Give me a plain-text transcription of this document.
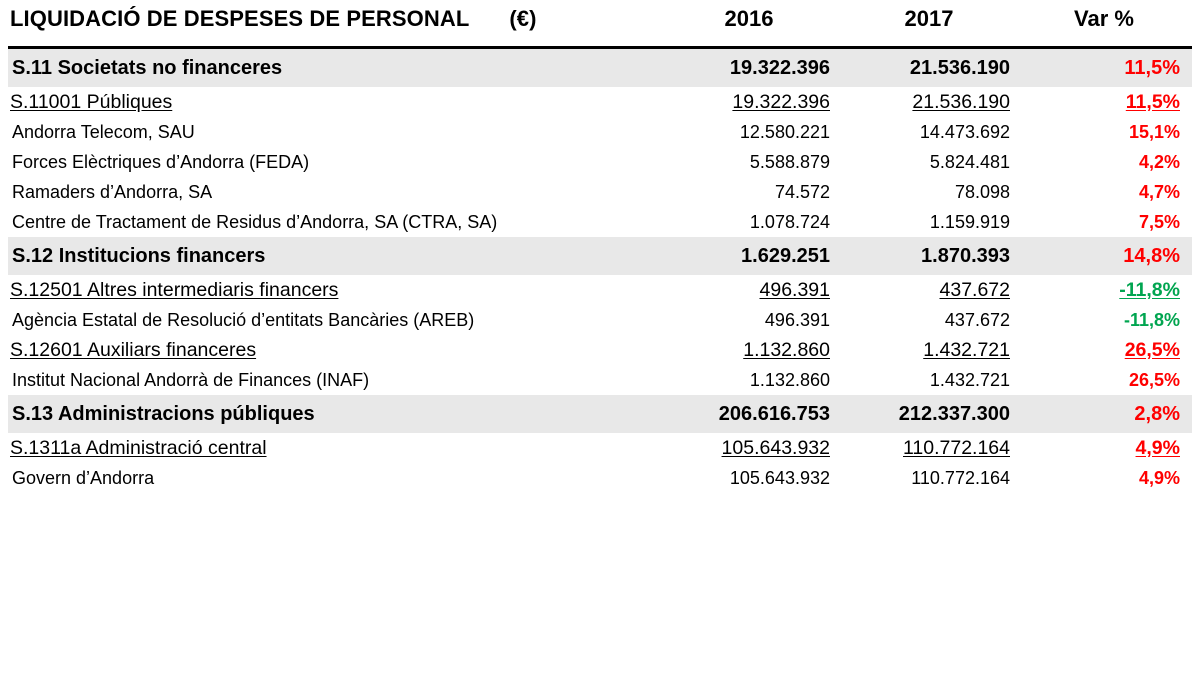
LIQUIDACIÓ DE DESPESES DE PERSONAL (€)	2016	2017	Var %
S.11 Societats no financeres	19.322.396	21.536.190	11,5%
S.11001 Públiques	19.322.396	21.536.190	11,5%
Andorra Telecom, SAU	12.580.221	14.473.692	15,1%
Forces Elèctriques d’Andorra (FEDA)	5.588.879	5.824.481	4,2%
Ramaders d’Andorra, SA	74.572	78.098	4,7%
Centre de Tractament de Residus d’Andorra, SA (CTRA, SA)	1.078.724	1.159.919	7,5%
S.12 Institucions financers	1.629.251	1.870.393	14,8%
S.12501 Altres intermediaris financers	496.391	437.672	-11,8%
Agència Estatal de Resolució d’entitats Bancàries (AREB)	496.391	437.672	-11,8%
S.12601 Auxiliars financeres	1.132.860	1.432.721	26,5%
Institut Nacional Andorrà de Finances (INAF)	1.132.860	1.432.721	26,5%
S.13 Administracions públiques	206.616.753	212.337.300	2,8%
S.1311a Administració central	105.643.932	110.772.164	4,9%
Govern d’Andorra	105.643.932	110.772.164	4,9%
